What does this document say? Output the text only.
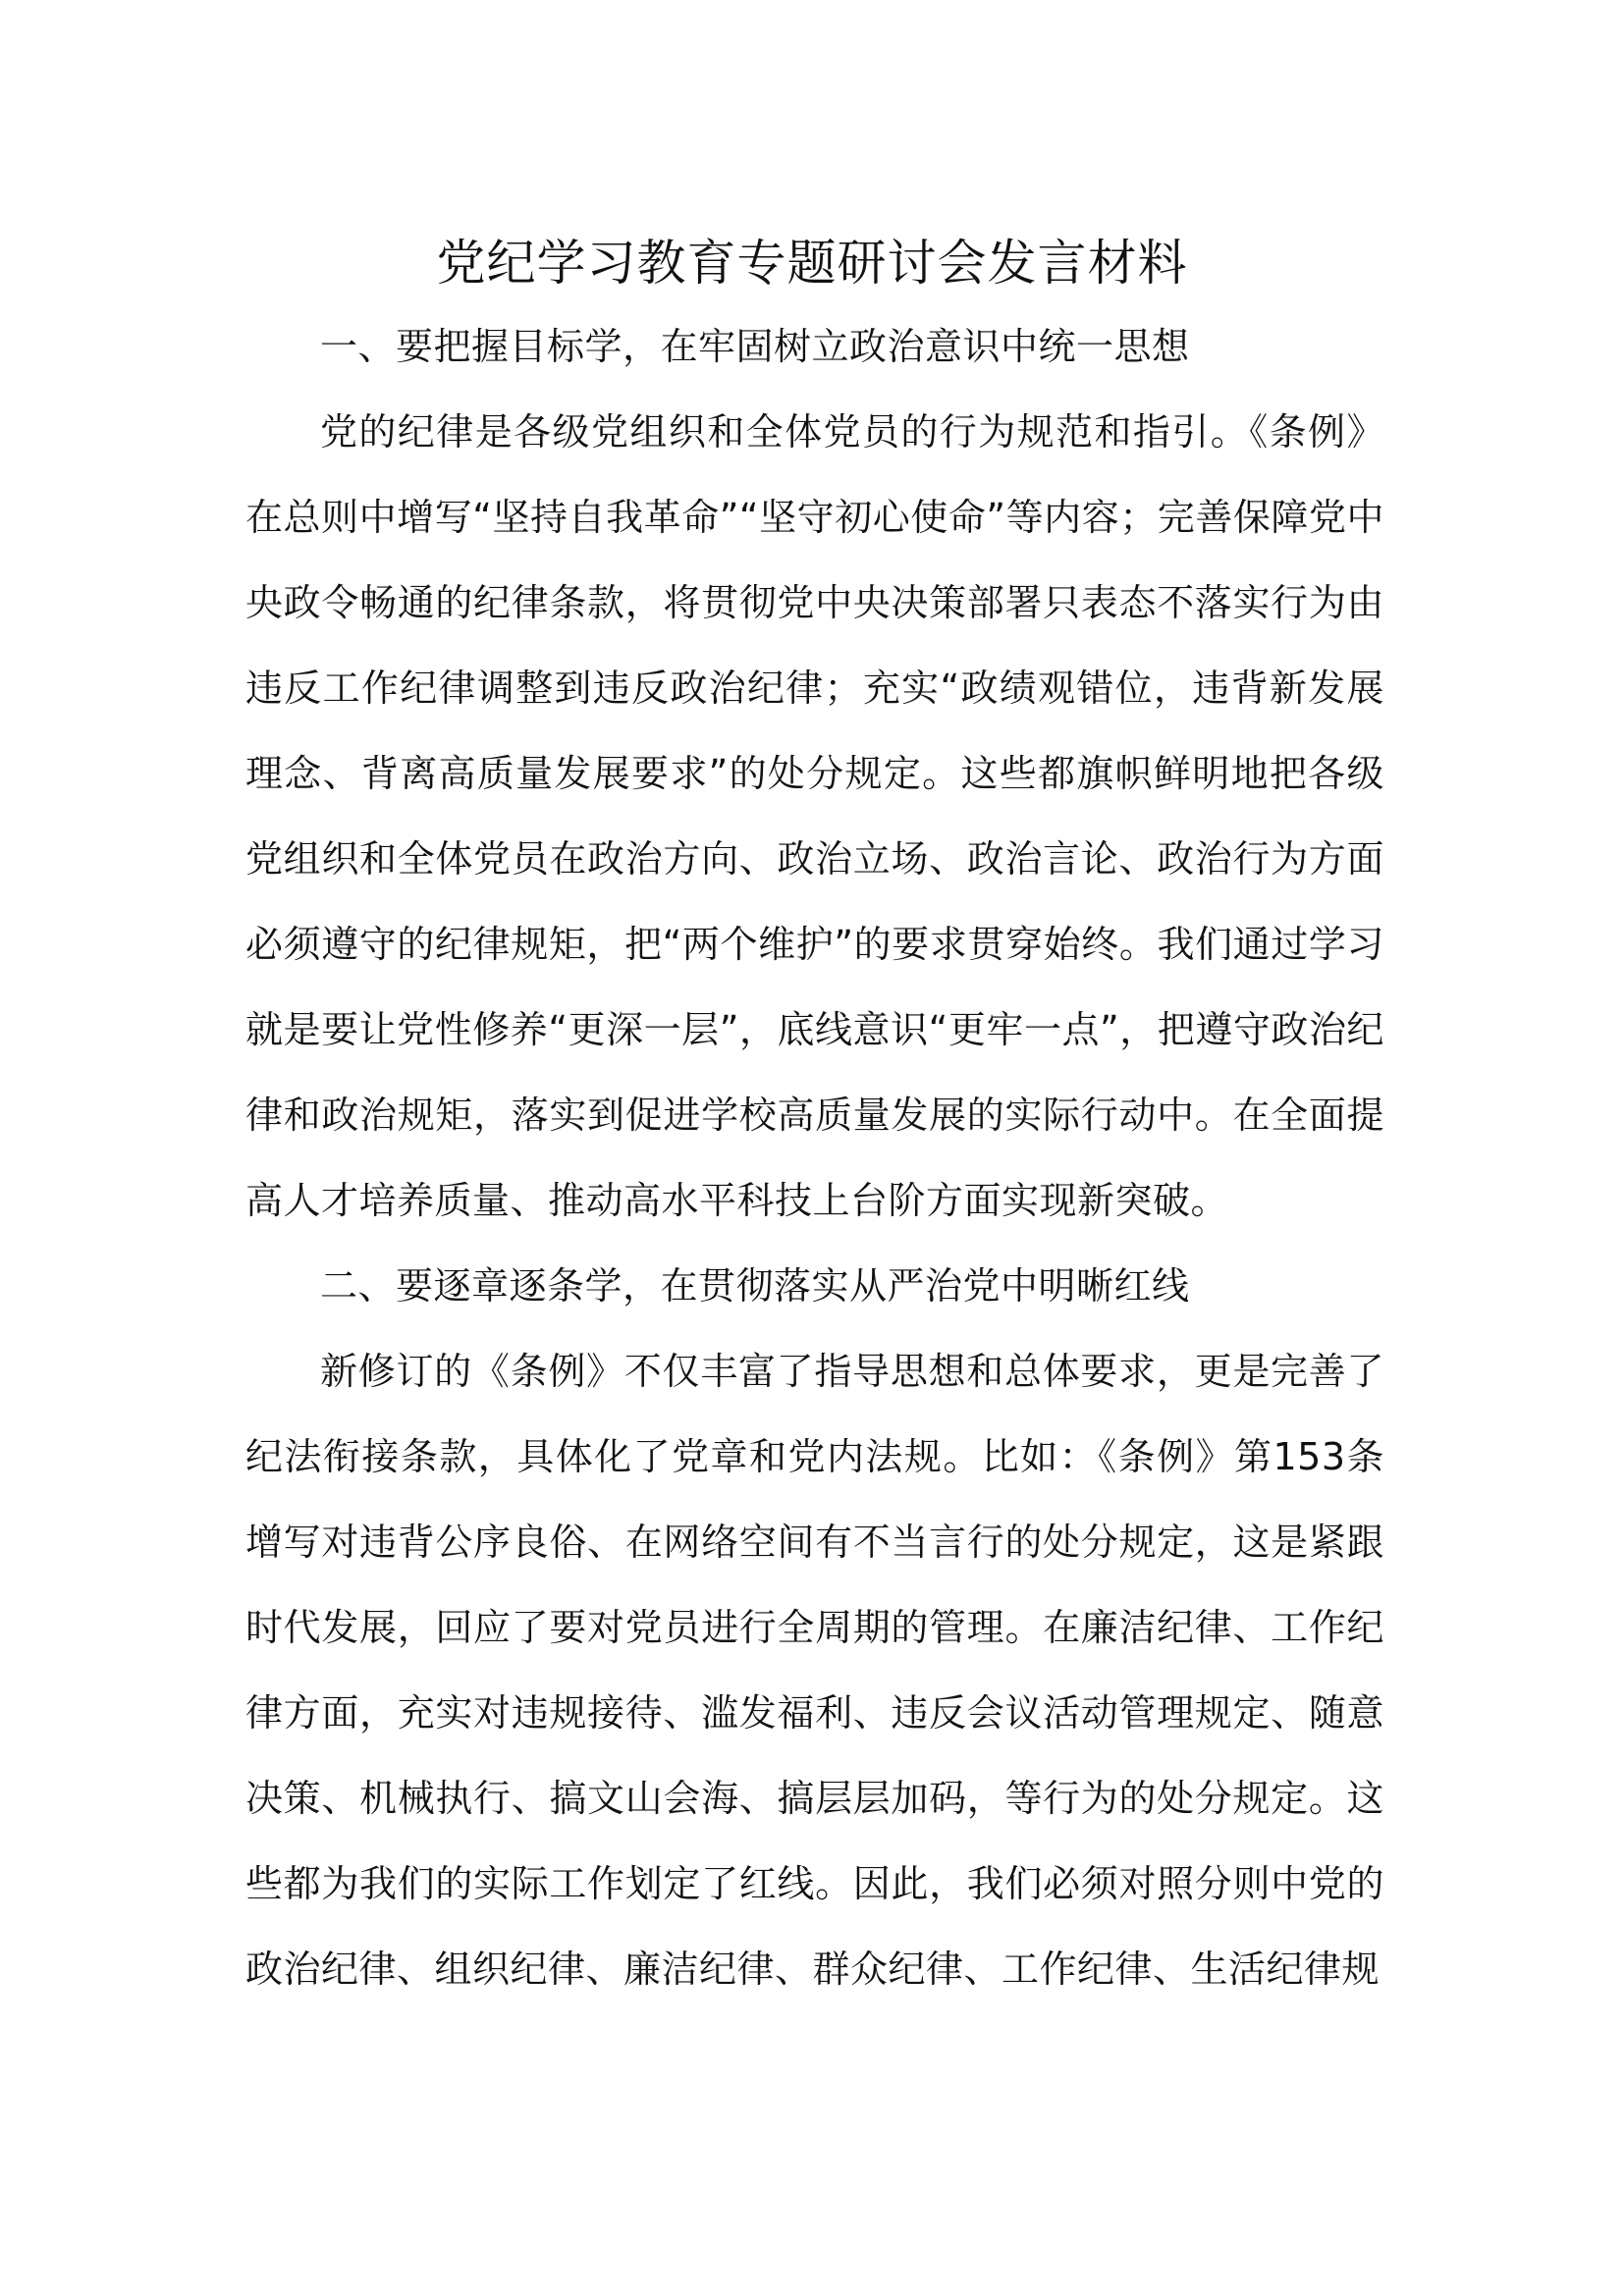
党纪学习教育专题研讨会发言材料

一、要把握目标学，在牢固树立政治意识中统一思想

党的纪律是各级党组织和全体党员的行为规范和指引。《条例》在总则中增写“坚持自我革命”“坚守初心使命”等内容；完善保障党中央政令畅通的纪律条款，将贯彻党中央决策部署只表态不落实行为由违反工作纪律调整到违反政治纪律；充实“政绩观错位，违背新发展理念、背离高质量发展要求”的处分规定。这些都旗帜鲜明地把各级党组织和全体党员在政治方向、政治立场、政治言论、政治行为方面必须遵守的纪律规矩，把“两个维护”的要求贯穿始终。我们通过学习就是要让党性修养“更深一层”，底线意识“更牢一点”，把遵守政治纪律和政治规矩，落实到促进学校高质量发展的实际行动中。在全面提高人才培养质量、推动高水平科技上台阶方面实现新突破。

二、要逐章逐条学，在贯彻落实从严治党中明晰红线

新修订的《条例》不仅丰富了指导思想和总体要求，更是完善了纪法衔接条款，具体化了党章和党内法规。比如：《条例》第153条增写对违背公序良俗、在网络空间有不当言行的处分规定，这是紧跟时代发展，回应了要对党员进行全周期的管理。在廉洁纪律、工作纪律方面，充实对违规接待、滥发福利、违反会议活动管理规定、随意决策、机械执行、搞文山会海、搞层层加码，等行为的处分规定。这些都为我们的实际工作划定了红线。因此，我们必须对照分则中党的政治纪律、组织纪律、廉洁纪律、群众纪律、工作纪律、生活纪律规
